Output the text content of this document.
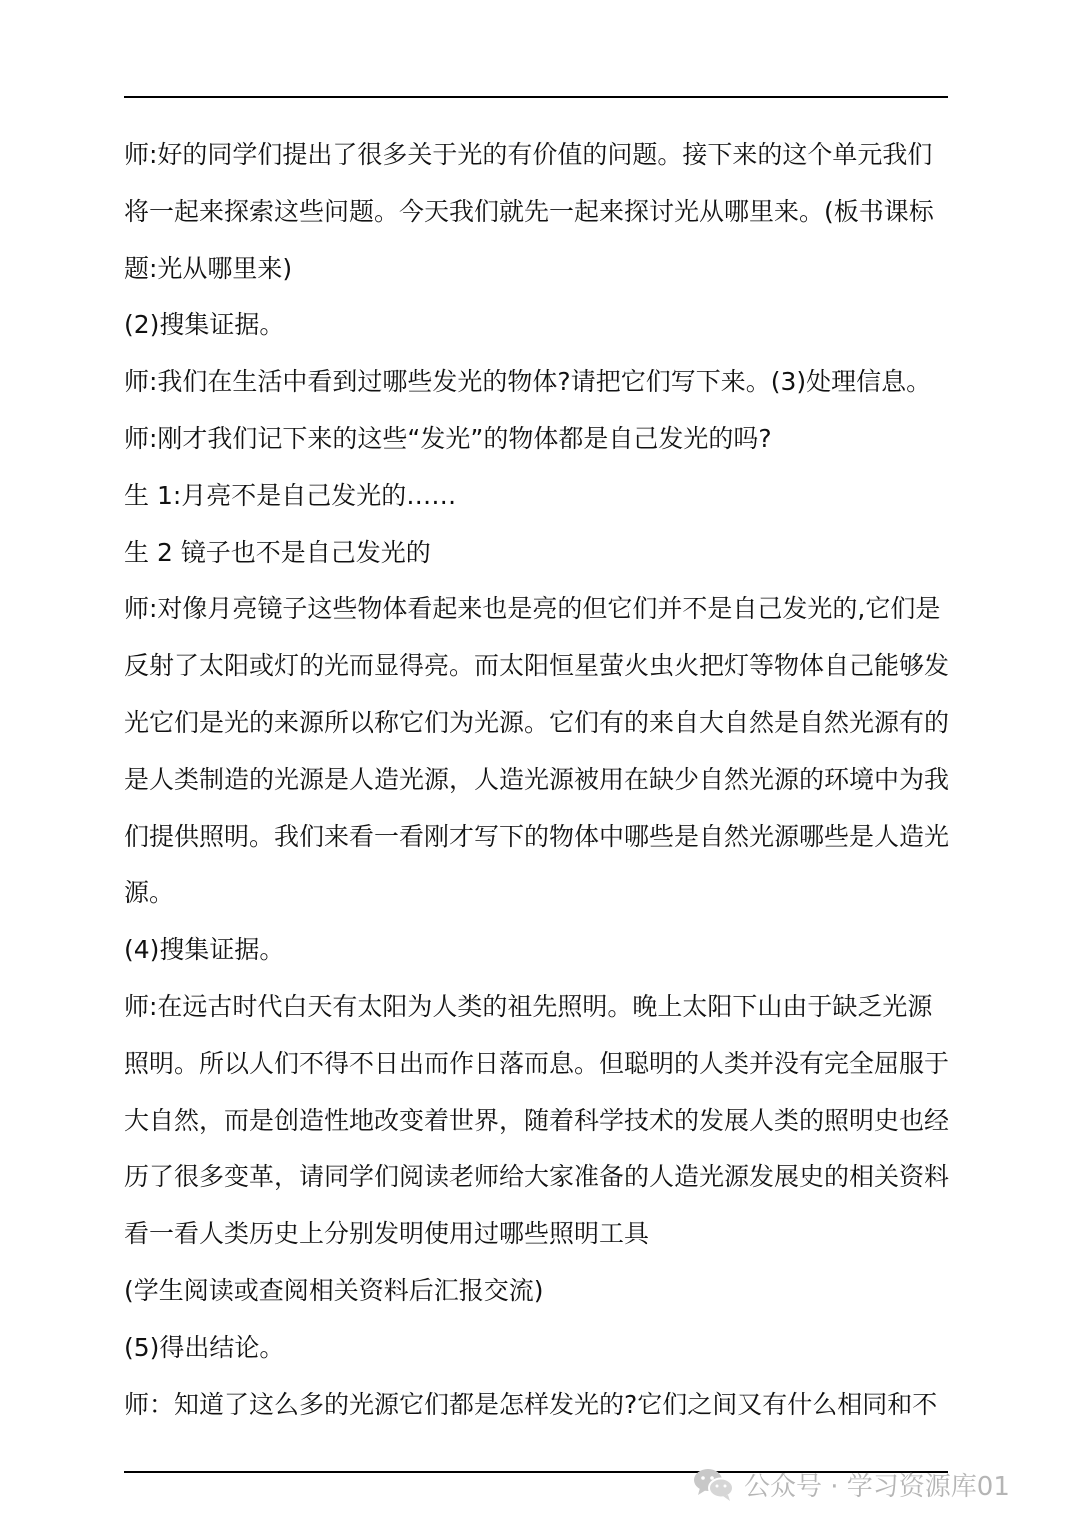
师:好的同学们提出了很多关于光的有价值的问题。接下来的这个单元我们
将一起来探索这些问题。今天我们就先一起来探讨光从哪里来。(板书课标
题:光从哪里来)
(2)搜集证据。
师:我们在生活中看到过哪些发光的物体?请把它们写下来。(3)处理信息。
师:刚才我们记下来的这些“发光”的物体都是自己发光的吗?
生 1:月亮不是自己发光的……
生 2 镜子也不是自己发光的
师:对像月亮镜子这些物体看起来也是亮的但它们并不是自己发光的,它们是
反射了太阳或灯的光而显得亮。而太阳恒星萤火虫火把灯等物体自己能够发
光它们是光的来源所以称它们为光源。它们有的来自大自然是自然光源有的
是人类制造的光源是人造光源，人造光源被用在缺少自然光源的环境中为我
们提供照明。我们来看一看刚才写下的物体中哪些是自然光源哪些是人造光
源。
(4)搜集证据。
师:在远古时代白天有太阳为人类的祖先照明。晚上太阳下山由于缺乏光源
照明。所以人们不得不日出而作日落而息。但聪明的人类并没有完全屈服于
大自然，而是创造性地改变着世界，随着科学技术的发展人类的照明史也经
历了很多变革，请同学们阅读老师给大家准备的人造光源发展史的相关资料
看一看人类历史上分别发明使用过哪些照明工具
(学生阅读或查阅相关资料后汇报交流)
(5)得出结论。
师：知道了这么多的光源它们都是怎样发光的?它们之间又有什么相同和不
公众号 · 学习资源库01
